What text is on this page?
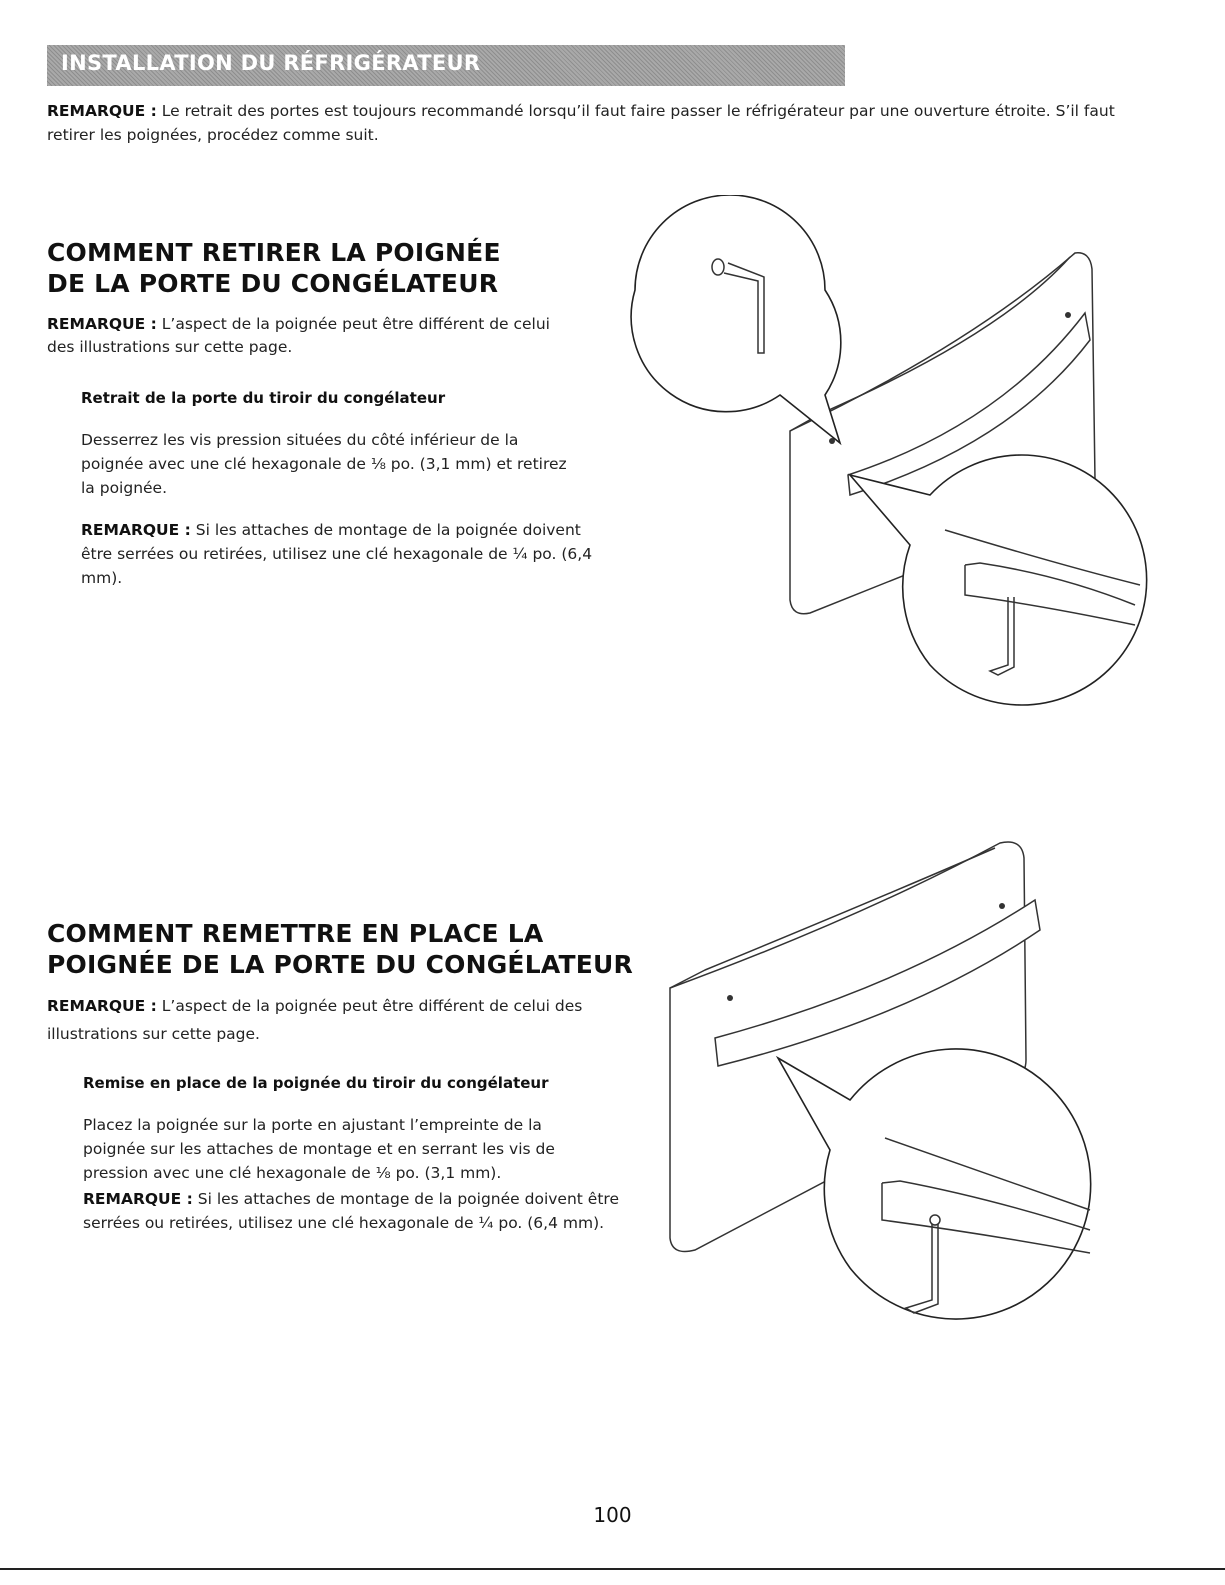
INSTALLATION DU RÉFRIGÉRATEUR

REMARQUE : Le retrait des portes est toujours recommandé lorsqu’il faut faire passer le réfrigérateur par une ouverture étroite. S’il faut retirer les poignées, procédez comme suit.

COMMENT RETIRER LA POIGNÉE
DE LA PORTE DU CONGÉLATEUR

REMARQUE : L’aspect de la poignée peut être différent de celui des illustrations sur cette page.

Retrait de la porte du tiroir du congélateur

Desserrez les vis pression situées du côté inférieur de la poignée avec une clé hexagonale de ⅛ po. (3,1 mm) et retirez la poignée.

REMARQUE : Si les attaches de montage de la poignée doivent être serrées ou retirées, utilisez une clé hexagonale de ¼ po. (6,4 mm).

COMMENT REMETTRE EN PLACE LA
POIGNÉE DE LA PORTE DU CONGÉLATEUR

REMARQUE : L’aspect de la poignée peut être différent de celui des illustrations sur cette page.

Remise en place de la poignée du tiroir du congélateur

Placez la poignée sur la porte en ajustant l’empreinte de la poignée sur les attaches de montage et en serrant les vis de pression avec une clé hexagonale de ⅛ po. (3,1 mm).

REMARQUE : Si les attaches de montage de la poignée doivent être serrées ou retirées, utilisez une clé hexagonale de ¼ po. (6,4 mm).

100
